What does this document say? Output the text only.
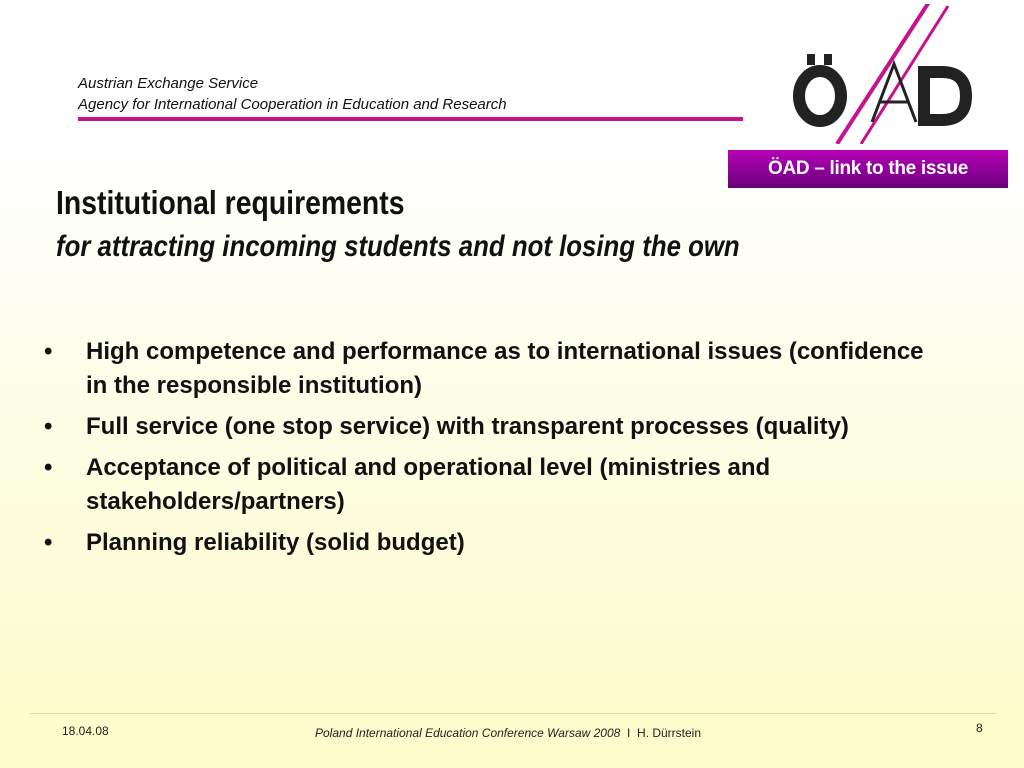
Austrian Exchange Service
Agency for International Cooperation in Education and Research
ÖAD – link to the issue
Institutional requirements
for attracting incoming students and not losing the own
• High competence and performance as to international issues (confidence in the responsible institution)
• Full service (one stop service) with transparent processes (quality)
• Acceptance of political and operational level (ministries and stakeholders/partners)
• Planning reliability (solid budget)
18.04.08	Poland International Education Conference Warsaw 2008 I H. Dürrstein	8
